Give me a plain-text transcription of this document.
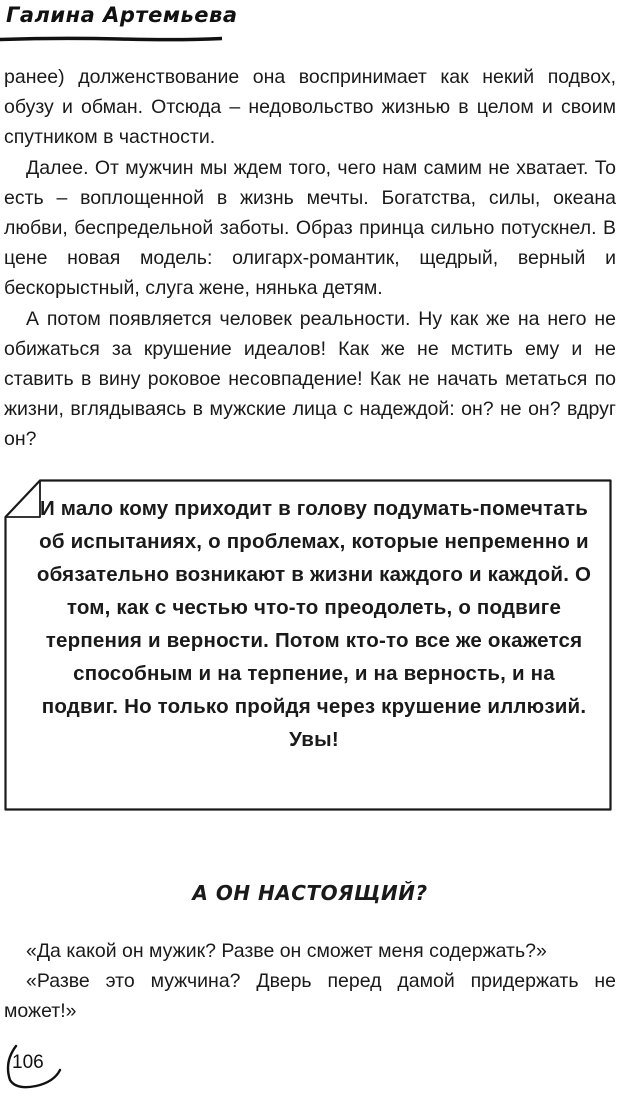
Галина Артемьева

ранее) долженствование она воспринимает как некий подвох, обузу и обман. Отсюда – недовольство жизнью в целом и своим спутником в частности.

Далее. От мужчин мы ждем того, чего нам самим не хватает. То есть – воплощенной в жизнь мечты. Богатства, силы, океана любви, беспредельной заботы. Образ принца сильно потускнел. В цене новая модель: олигарх-романтик, щедрый, верный и бескорыстный, слуга жене, нянька детям.

А потом появляется человек реальности. Ну как же на него не обижаться за крушение идеалов! Как же не мстить ему и не ставить в вину роковое несовпадение! Как не начать метаться по жизни, вглядываясь в мужские лица с надеждой: он? не он? вдруг он?

И мало кому приходит в голову подумать-помечтать об испытаниях, о проблемах, которые непременно и обязательно возникают в жизни каждого и каждой. О том, как с честью что-то преодолеть, о подвиге терпения и верности. Потом кто-то все же окажется способным и на терпение, и на верность, и на подвиг. Но только пройдя через крушение иллюзий. Увы!
А ОН НАСТОЯЩИЙ?

«Да какой он мужик? Разве он сможет меня содержать?»

«Разве это мужчина? Дверь перед дамой придержать не может!»

106
